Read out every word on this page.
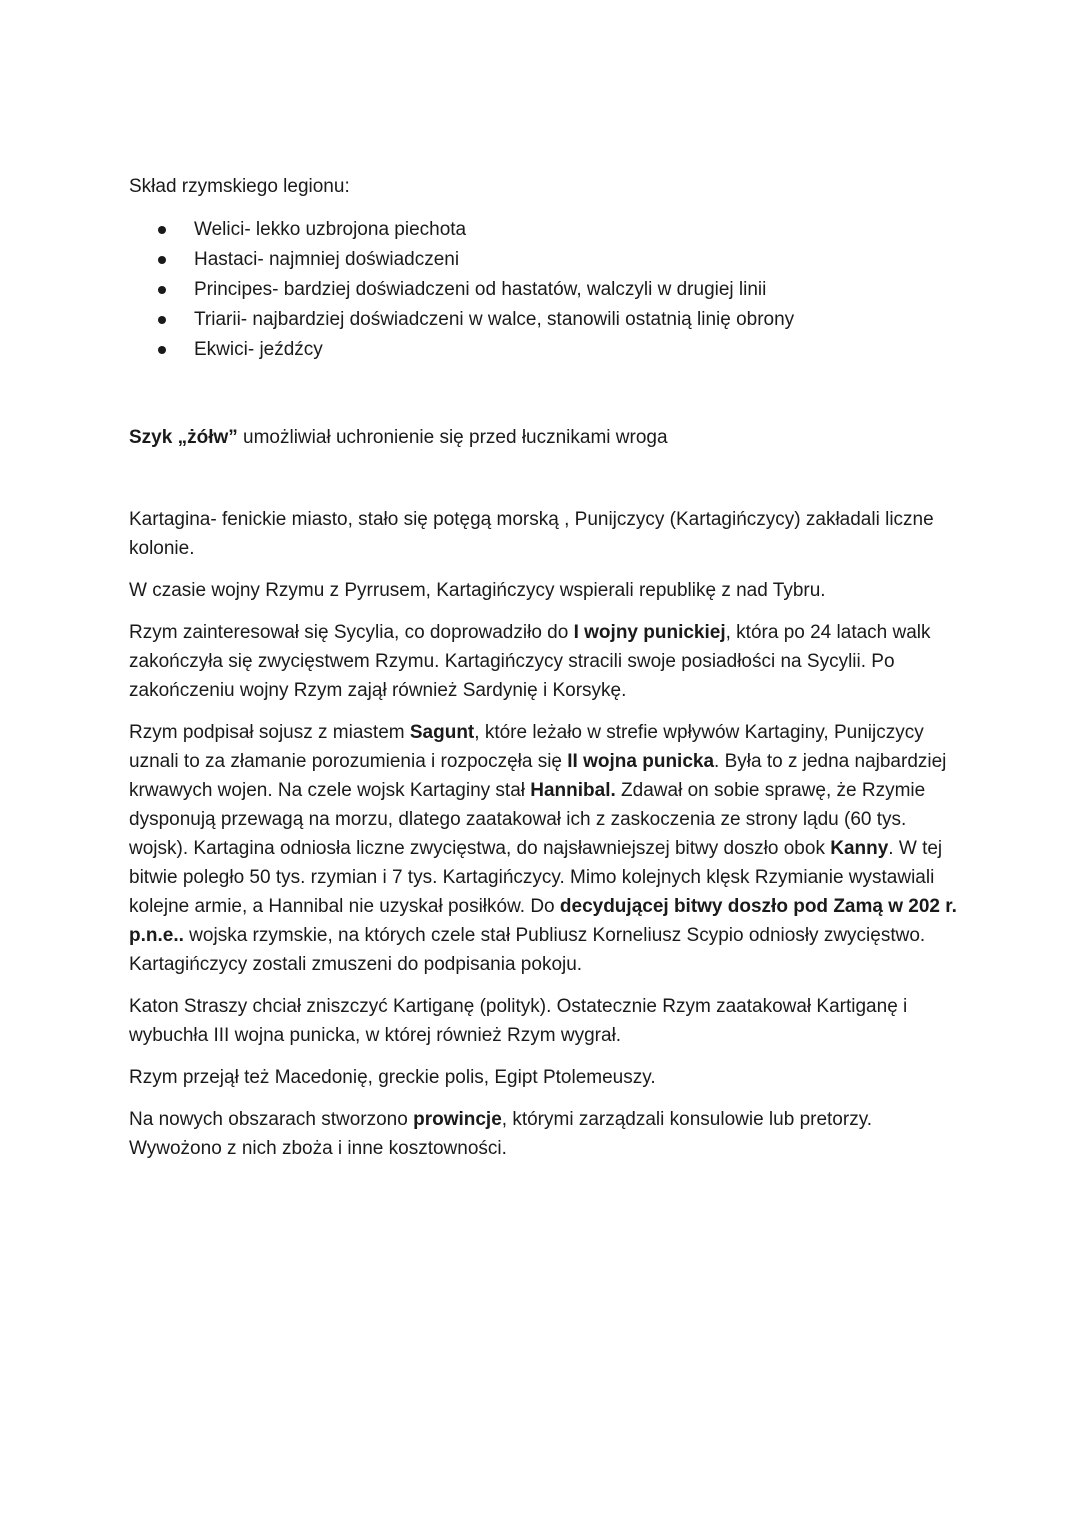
Skład rzymskiego legionu:

Welici- lekko uzbrojona piechota
Hastaci- najmniej doświadczeni
Principes- bardziej doświadczeni od hastatów, walczyli w drugiej linii
Triarii- najbardziej doświadczeni w walce, stanowili ostatnią linię obrony
Ekwici- jeźdźcy

Szyk „żółw” umożliwiał uchronienie się przed łucznikami wroga

Kartagina- fenickie miasto, stało się potęgą morską , Punijczycy (Kartagińczycy) zakładali liczne kolonie.

W czasie wojny Rzymu z Pyrrusem, Kartagińczycy wspierali republikę z nad Tybru.

Rzym zainteresował się Sycylia, co doprowadziło do I wojny punickiej, która po 24 latach walk zakończyła się zwycięstwem Rzymu. Kartagińczycy stracili swoje posiadłości na Sycylii. Po zakończeniu wojny Rzym zajął również Sardynię i Korsykę.

Rzym podpisał sojusz z miastem Sagunt, które leżało w strefie wpływów Kartaginy, Punijczycy uznali to za złamanie porozumienia i rozpoczęła się II wojna punicka. Była to z jedna najbardziej krwawych wojen. Na czele wojsk Kartaginy stał Hannibal. Zdawał on sobie sprawę, że Rzymie dysponują przewagą na morzu, dlatego zaatakował ich z zaskoczenia ze strony lądu (60 tys. wojsk). Kartagina odniosła liczne zwycięstwa, do najsławniejszej bitwy doszło obok Kanny. W tej bitwie poległo 50 tys. rzymian i 7 tys. Kartagińczycy. Mimo kolejnych klęsk Rzymianie wystawiali kolejne armie, a Hannibal nie uzyskał posiłków. Do decydującej bitwy doszło pod Zamą w 202 r. p.n.e.. wojska rzymskie, na których czele stał Publiusz Korneliusz Scypio odniosły zwycięstwo. Kartagińczycy zostali zmuszeni do podpisania pokoju.

Katon Straszy chciał zniszczyć Kartiganę (polityk). Ostatecznie Rzym zaatakował Kartiganę i wybuchła III wojna punicka, w której również Rzym wygrał.

Rzym przejął też Macedonię, greckie polis, Egipt Ptolemeuszy.

Na nowych obszarach stworzono prowincje, którymi zarządzali konsulowie lub pretorzy. Wywożono z nich zboża i inne kosztowności.
